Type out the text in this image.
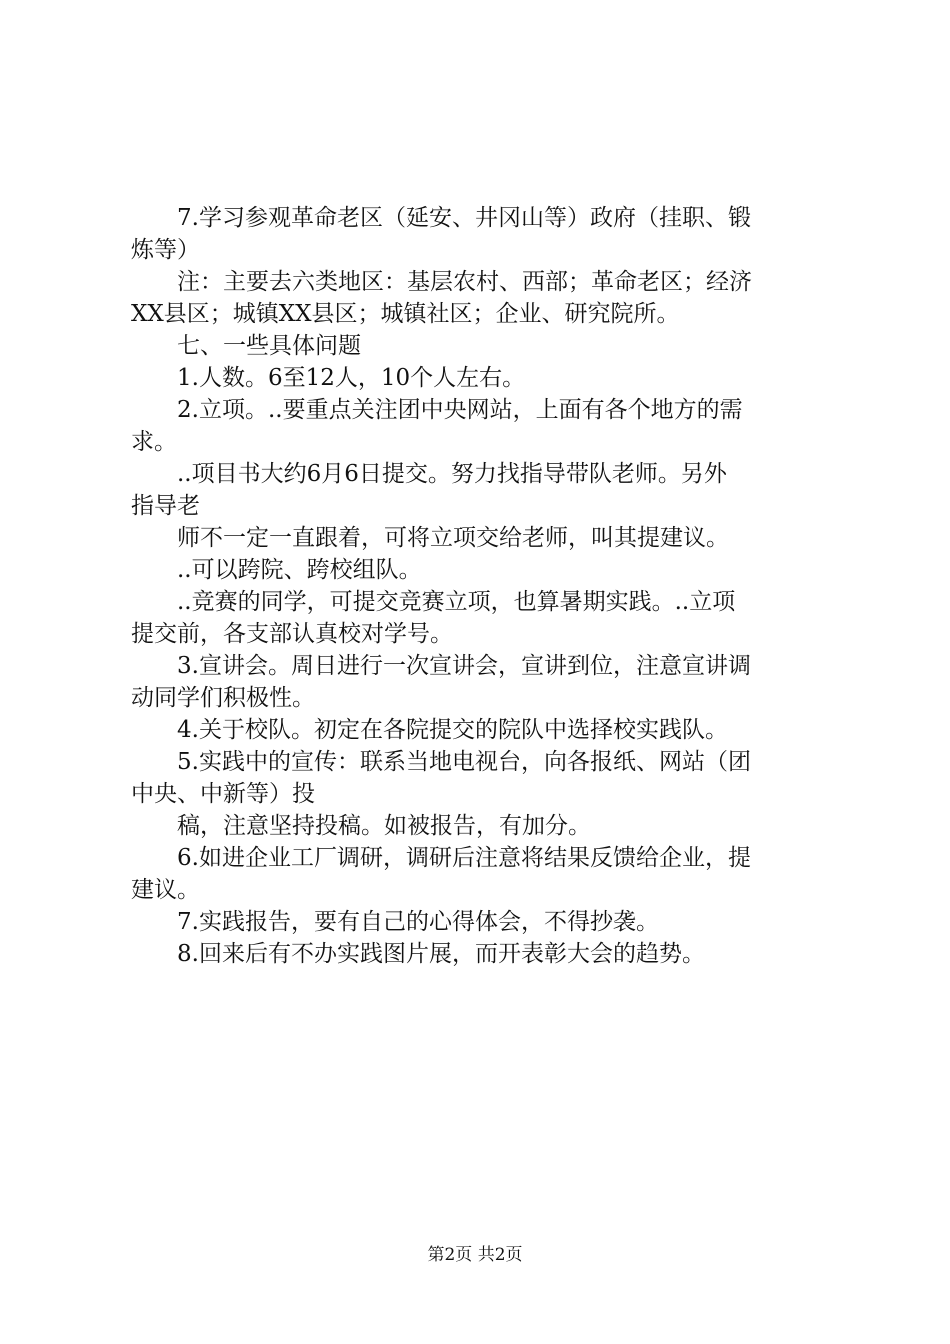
7.学习参观革命老区（延安、井冈山等）政府（挂职、锻

炼等）

注：主要去六类地区：基层农村、西部；革命老区；经济

XX县区；城镇XX县区；城镇社区；企业、研究院所。

七、一些具体问题

1.人数。6至12人，10个人左右。

2.立项。..要重点关注团中央网站，上面有各个地方的需

求。

..项目书大约6月6日提交。努力找指导带队老师。另外

指导老

师不一定一直跟着，可将立项交给老师，叫其提建议。

..可以跨院、跨校组队。

..竞赛的同学，可提交竞赛立项，也算暑期实践。..立项

提交前，各支部认真校对学号。

3.宣讲会。周日进行一次宣讲会，宣讲到位，注意宣讲调

动同学们积极性。

4.关于校队。初定在各院提交的院队中选择校实践队。

5.实践中的宣传：联系当地电视台，向各报纸、网站（团

中央、中新等）投

稿，注意坚持投稿。如被报告，有加分。

6.如进企业工厂调研，调研后注意将结果反馈给企业，提

建议。

7.实践报告，要有自己的心得体会，不得抄袭。

8.回来后有不办实践图片展，而开表彰大会的趋势。

第2页 共2页
